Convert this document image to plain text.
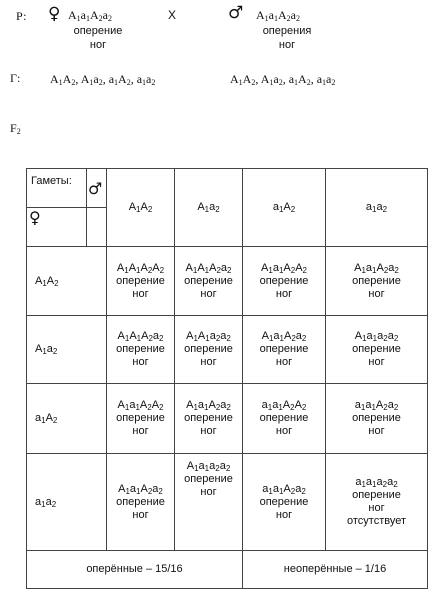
Р: ♀ $A_1a_1A_2a_2$
оперение
ног
X	♂ $A_1a_1A_2a_2$
оперения
ног
Г: $A_1A_2$, $A_1a_2$, $a_1A_2$, $a_1a_2$	$A_1A_2$, $A_1a_2$, $a_1A_2$, $a_1a_2$
$F_2$
Гаметы: ♂
♀	$A_1A_2$	$A_1a_2$	$a_1A_2$	$a_1a_2$
$A_1A_2$	$A_1A_1A_2A_2$
оперение
ног	$A_1A_1A_2a_2$
оперение
ног	$A_1a_1A_2A_2$
оперение
ног	$A_1a_1A_2a_2$
оперение
ног

$A_1a_2$	$A_1A_1A_2a_2$
оперение
ног	$A_1A_1a_2a_2$
оперение
ног	$A_1a_1A_2a_2$
оперение
ног	$A_1a_1a_2a_2$
оперение
ног

$a_1A_2$	$A_1a_1A_2A_2$
оперение
ног	$A_1a_1A_2a_2$
оперение
ног	$a_1a_1A_2A_2$
оперение
ног	$a_1a_1A_2a_2$
оперение
ног

$a_1a_2$	$A_1a_1A_2a_2$
оперение
ног	$A_1a_1a_2a_2$
оперение
ног	$a_1a_1A_2a_2$
оперение
ног	$a_1a_1a_2a_2$
оперение
ног
отсутствует

оперённые – 15/16			неоперённые – 1/16	
